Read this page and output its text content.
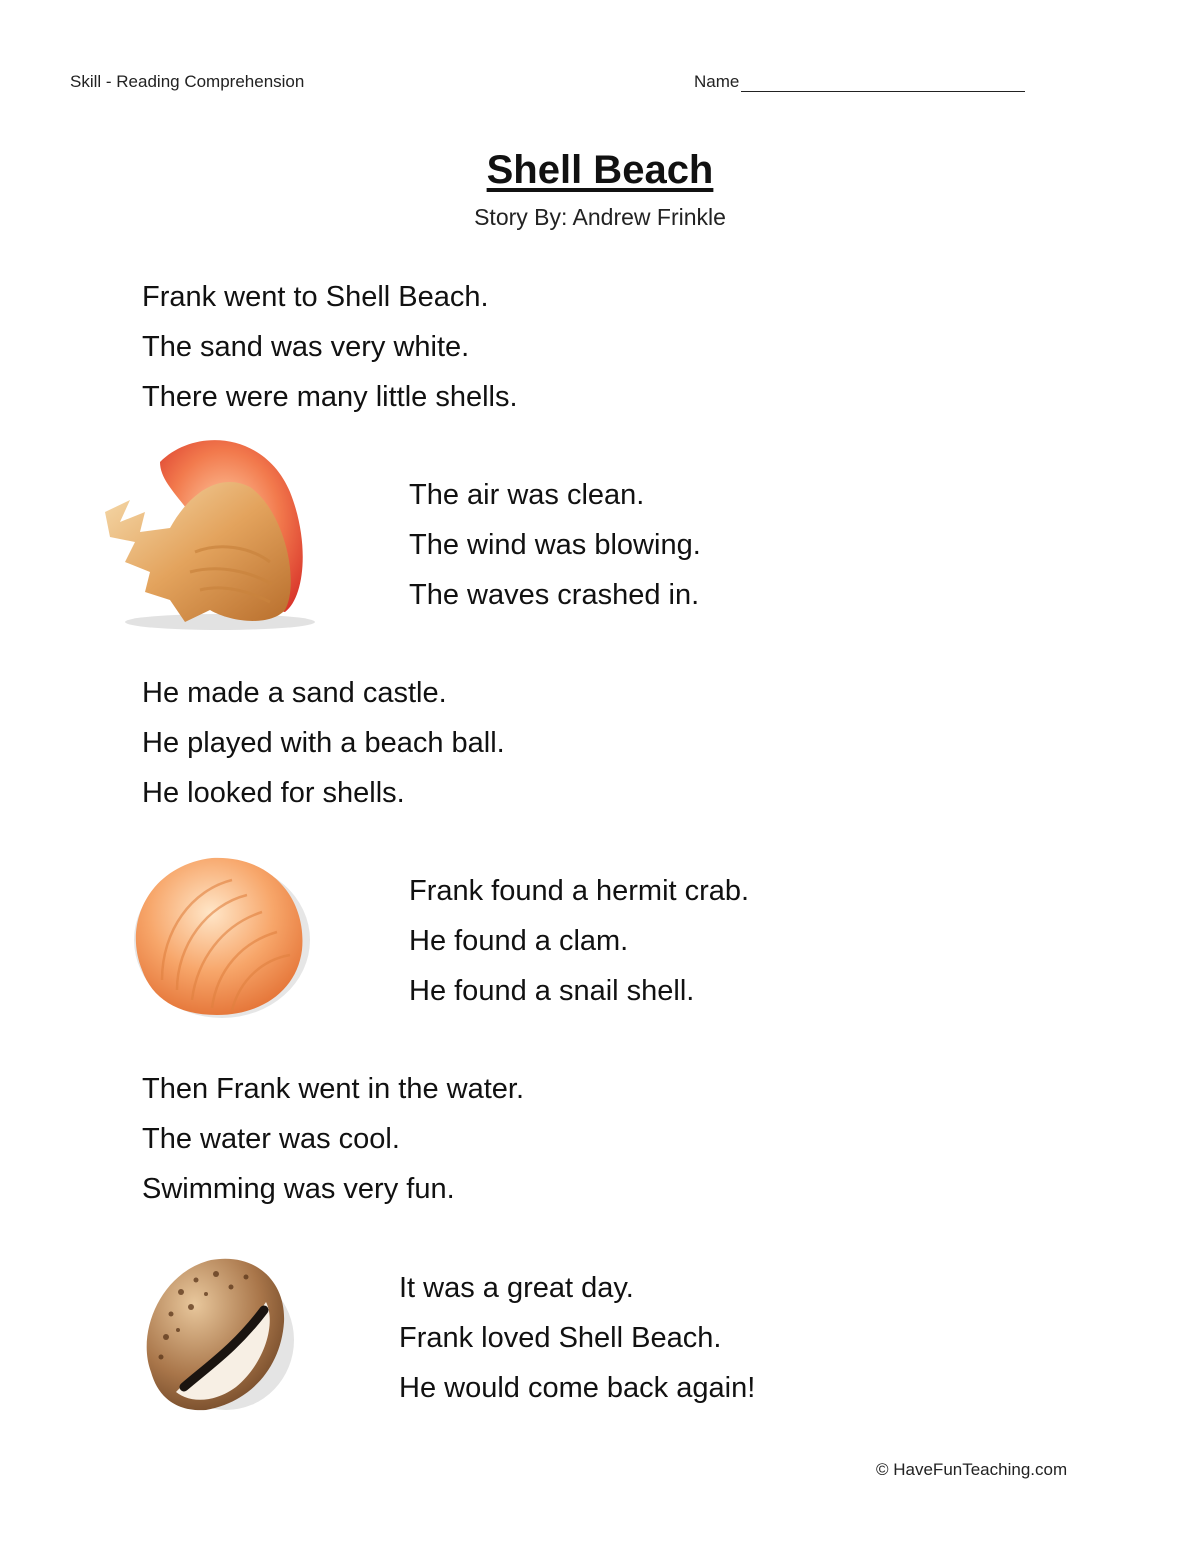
Skill - Reading Comprehension	Name
Shell Beach
Story By: Andrew Frinkle
Frank went to Shell Beach.
The sand was very white.
There were many little shells.
The air was clean.
The wind was blowing.
The waves crashed in.
He made a sand castle.
He played with a beach ball.
He looked for shells.
Frank found a hermit crab.
He found a clam.
He found a snail shell.
Then Frank went in the water.
The water was cool.
Swimming was very fun.
It was a great day.
Frank loved Shell Beach.
He would come back again!
© HaveFunTeaching.com
